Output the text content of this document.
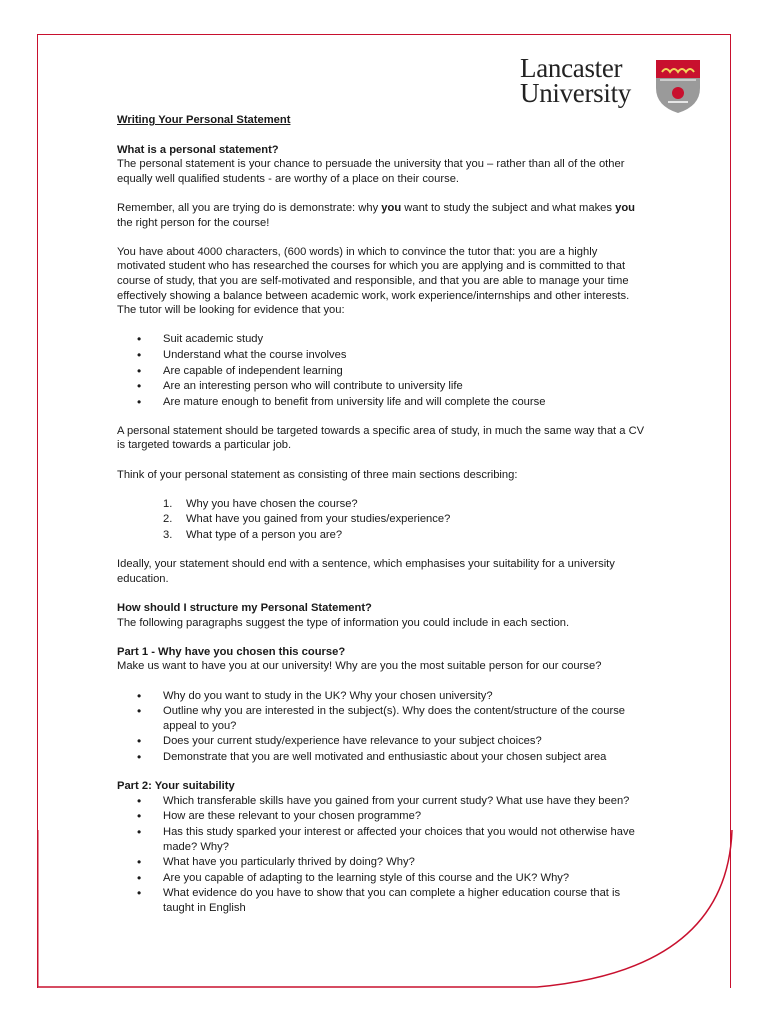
Lancaster
University

Writing Your Personal Statement

What is a personal statement?

The personal statement is your chance to persuade the university that you – rather than all of the other equally well qualified students - are worthy of a place on their course.

Remember, all you are trying do is demonstrate: why you want to study the subject and what makes you the right person for the course!

You have about 4000 characters, (600 words) in which to convince the tutor that: you are a highly motivated student who has researched the courses for which you are applying and is committed to that course of study, that you are self-motivated and responsible, and that you are able to manage your time effectively showing a balance between academic work, work experience/internships and other interests. The tutor will be looking for evidence that you:

• Suit academic study
• Understand what the course involves
• Are capable of independent learning
• Are an interesting person who will contribute to university life
• Are mature enough to benefit from university life and will complete the course

A personal statement should be targeted towards a specific area of study, in much the same way that a CV is targeted towards a particular job.

Think of your personal statement as consisting of three main sections describing:

1. Why you have chosen the course?
2. What have you gained from your studies/experience?
3. What type of a person you are?

Ideally, your statement should end with a sentence, which emphasises your suitability for a university education.

How should I structure my Personal Statement?

The following paragraphs suggest the type of information you could include in each section.

Part 1 - Why have you chosen this course?

Make us want to have you at our university! Why are you the most suitable person for our course?

• Why do you want to study in the UK? Why your chosen university?
• Outline why you are interested in the subject(s). Why does the content/structure of the course appeal to you?
• Does your current study/experience have relevance to your subject choices?
• Demonstrate that you are well motivated and enthusiastic about your chosen subject area

Part 2: Your suitability

• Which transferable skills have you gained from your current study? What use have they been?
• How are these relevant to your chosen programme?
• Has this study sparked your interest or affected your choices that you would not otherwise have made? Why?
• What have you particularly thrived by doing? Why?
• Are you capable of adapting to the learning style of this course and the UK? Why?
• What evidence do you have to show that you can complete a higher education course that is taught in English
